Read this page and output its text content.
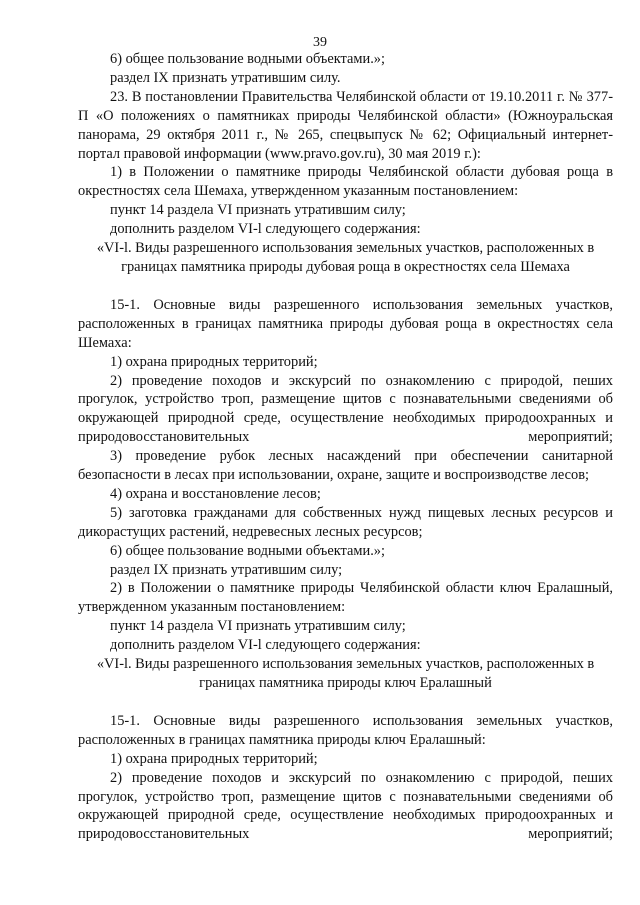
39

6) общее пользование водными объектами.»;

раздел IX признать утратившим силу.

23. В постановлении Правительства Челябинской области от 19.10.2011 г. № 377-П «О положениях о памятниках природы Челябинской области» (Южноуральская панорама, 29 октября 2011 г., № 265, спецвыпуск № 62; Официальный интернет-портал правовой информации (www.pravo.gov.ru), 30 мая 2019 г.):

1) в Положении о памятнике природы Челябинской области дубовая роща в окрестностях села Шемаха, утвержденном указанным постановлением:

пункт 14 раздела VI признать утратившим силу;

дополнить разделом VI-l следующего содержания:

«VI-l. Виды разрешенного использования земельных участков, расположенных в границах памятника природы дубовая роща в окрестностях села Шемаха

15-1. Основные виды разрешенного использования земельных участков, расположенных в границах памятника природы дубовая роща в окрестностях села Шемаха:

1) охрана природных территорий;

2) проведение походов и экскурсий по ознакомлению с природой, пеших прогулок, устройство троп, размещение щитов с познавательными сведениями об окружающей природной среде, осуществление необходимых природоохранных и природовосстановительных мероприятий;

3) проведение рубок лесных насаждений при обеспечении санитарной безопасности в лесах при использовании, охране, защите и воспроизводстве лесов;

4) охрана и восстановление лесов;

5) заготовка гражданами для собственных нужд пищевых лесных ресурсов и дикорастущих растений, недревесных лесных ресурсов;

6) общее пользование водными объектами.»;

раздел IX признать утратившим силу;

2) в Положении о памятнике природы Челябинской области ключ Ералашный, утвержденном указанным постановлением:

пункт 14 раздела VI признать утратившим силу;

дополнить разделом VI-l следующего содержания:

«VI-l. Виды разрешенного использования земельных участков, расположенных в границах памятника природы ключ Ералашный

15-1. Основные виды разрешенного использования земельных участков, расположенных в границах памятника природы ключ Ералашный:

1) охрана природных территорий;

2) проведение походов и экскурсий по ознакомлению с природой, пеших прогулок, устройство троп, размещение щитов с познавательными сведениями об окружающей природной среде, осуществление необходимых природоохранных и природовосстановительных мероприятий;
